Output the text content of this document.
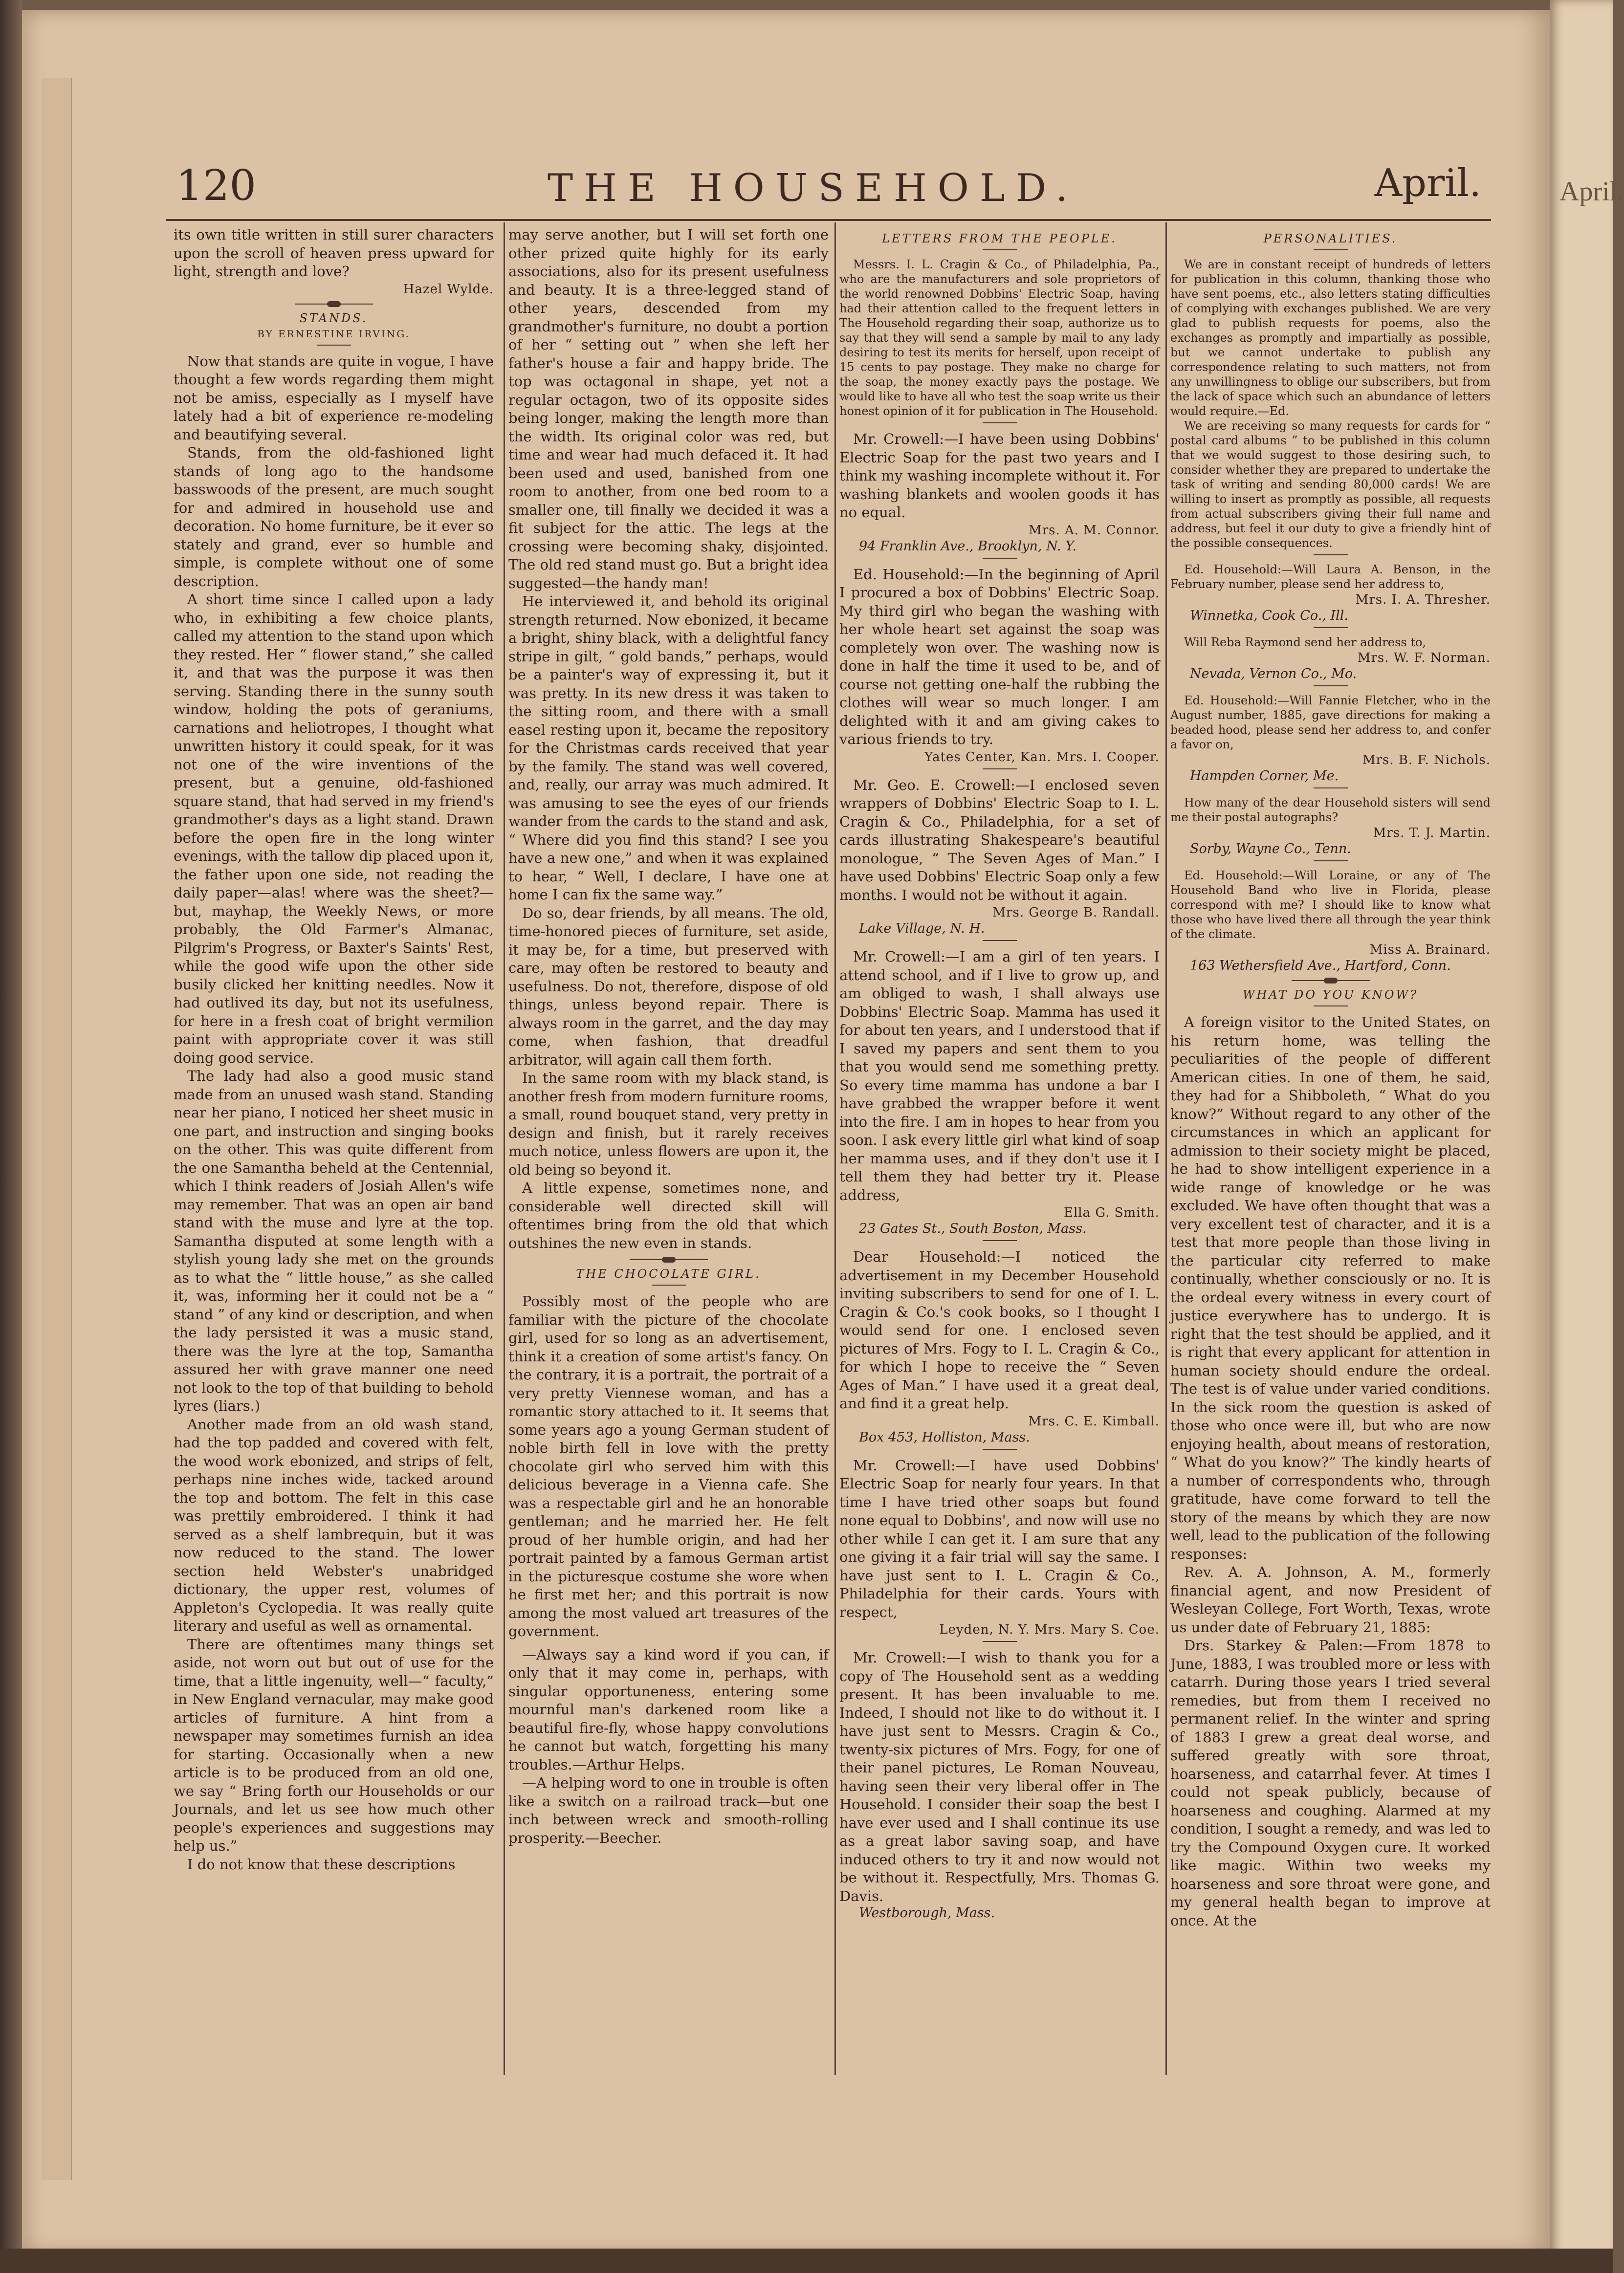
April.
120	THE HOUSEHOLD.	April.

its own title written in still surer characters upon the scroll of heaven press upward for light, strength and love?

Hazel Wylde.
STANDS.
BY ERNESTINE IRVING.

Now that stands are quite in vogue, I have thought a few words regarding them might not be amiss, especially as I myself have lately had a bit of experience re-modeling and beautifying several.

Stands, from the old-fashioned light stands of long ago to the handsome basswoods of the present, are much sought for and admired in household use and decoration. No home furniture, be it ever so stately and grand, ever so humble and simple, is complete without one of some description.

A short time since I called upon a lady who, in exhibiting a few choice plants, called my attention to the stand upon which they rested. Her “ flower stand,” she called it, and that was the purpose it was then serving. Standing there in the sunny south window, holding the pots of geraniums, carnations and heliotropes, I thought what unwritten history it could speak, for it was not one of the wire inventions of the present, but a genuine, old-fashioned square stand, that had served in my friend's grandmother's days as a light stand. Drawn before the open fire in the long winter evenings, with the tallow dip placed upon it, the father upon one side, not reading the daily paper—alas! where was the sheet?—but, mayhap, the Weekly News, or more probably, the Old Farmer's Almanac, Pilgrim's Progress, or Baxter's Saints' Rest, while the good wife upon the other side busily clicked her knitting needles. Now it had outlived its day, but not its usefulness, for here in a fresh coat of bright vermilion paint with appropriate cover it was still doing good service.

The lady had also a good music stand made from an unused wash stand. Standing near her piano, I noticed her sheet music in one part, and instruction and singing books on the other. This was quite different from the one Samantha beheld at the Centennial, which I think readers of Josiah Allen's wife may remember. That was an open air band stand with the muse and lyre at the top. Samantha disputed at some length with a stylish young lady she met on the grounds as to what the “ little house,” as she called it, was, informing her it could not be a “ stand ” of any kind or description, and when the lady persisted it was a music stand, there was the lyre at the top, Samantha assured her with grave manner one need not look to the top of that building to behold lyres (liars.)

Another made from an old wash stand, had the top padded and covered with felt, the wood work ebonized, and strips of felt, perhaps nine inches wide, tacked around the top and bottom. The felt in this case was prettily embroidered. I think it had served as a shelf lambrequin, but it was now reduced to the stand. The lower section held Webster's unabridged dictionary, the upper rest, volumes of Appleton's Cyclopedia. It was really quite literary and useful as well as ornamental.

There are oftentimes many things set aside, not worn out but out of use for the time, that a little ingenuity, well—“ faculty,” in New England vernacular, may make good articles of furniture. A hint from a newspaper may sometimes furnish an idea for starting. Occasionally when a new article is to be produced from an old one, we say “ Bring forth our Households or our Journals, and let us see how much other people's experiences and suggestions may help us.”

I do not know that these descriptions

may serve another, but I will set forth one other prized quite highly for its early associations, also for its present usefulness and beauty. It is a three-legged stand of other years, descended from my grandmother's furniture, no doubt a portion of her “ setting out ” when she left her father's house a fair and happy bride. The top was octagonal in shape, yet not a regular octagon, two of its opposite sides being longer, making the length more than the width. Its original color was red, but time and wear had much defaced it. It had been used and used, banished from one room to another, from one bed room to a smaller one, till finally we decided it was a fit subject for the attic. The legs at the crossing were becoming shaky, disjointed. The old red stand must go. But a bright idea suggested—the handy man!

He interviewed it, and behold its original strength returned. Now ebonized, it became a bright, shiny black, with a delightful fancy stripe in gilt, “ gold bands,” perhaps, would be a painter's way of expressing it, but it was pretty. In its new dress it was taken to the sitting room, and there with a small easel resting upon it, became the repository for the Christmas cards received that year by the family. The stand was well covered, and, really, our array was much admired. It was amusing to see the eyes of our friends wander from the cards to the stand and ask, “ Where did you find this stand? I see you have a new one,” and when it was explained to hear, “ Well, I declare, I have one at home I can fix the same way.”

Do so, dear friends, by all means. The old, time-honored pieces of furniture, set aside, it may be, for a time, but preserved with care, may often be restored to beauty and usefulness. Do not, therefore, dispose of old things, unless beyond repair. There is always room in the garret, and the day may come, when fashion, that dreadful arbitrator, will again call them forth.

In the same room with my black stand, is another fresh from modern furniture rooms, a small, round bouquet stand, very pretty in design and finish, but it rarely receives much notice, unless flowers are upon it, the old being so beyond it.

A little expense, sometimes none, and considerable well directed skill will oftentimes bring from the old that which outshines the new even in stands.

THE CHOCOLATE GIRL.

Possibly most of the people who are familiar with the picture of the chocolate girl, used for so long as an advertisement, think it a creation of some artist's fancy. On the contrary, it is a portrait, the portrait of a very pretty Viennese woman, and has a romantic story attached to it. It seems that some years ago a young German student of noble birth fell in love with the pretty chocolate girl who served him with this delicious beverage in a Vienna cafe. She was a respectable girl and he an honorable gentleman; and he married her. He felt proud of her humble origin, and had her portrait painted by a famous German artist in the picturesque costume she wore when he first met her; and this portrait is now among the most valued art treasures of the government.

—Always say a kind word if you can, if only that it may come in, perhaps, with singular opportuneness, entering some mournful man's darkened room like a beautiful fire-fly, whose happy convolutions he cannot but watch, forgetting his many troubles.—Arthur Helps.

—A helping word to one in trouble is often like a switch on a railroad track—but one inch between wreck and smooth-rolling prosperity.—Beecher.

LETTERS FROM THE PEOPLE.

Messrs. I. L. Cragin & Co., of Philadelphia, Pa., who are the manufacturers and sole proprietors of the world renowned Dobbins' Electric Soap, having had their attention called to the frequent letters in The Household regarding their soap, authorize us to say that they will send a sample by mail to any lady desiring to test its merits for herself, upon receipt of 15 cents to pay postage. They make no charge for the soap, the money exactly pays the postage. We would like to have all who test the soap write us their honest opinion of it for publication in The Household.

Mr. Crowell:—I have been using Dobbins' Electric Soap for the past two years and I think my washing incomplete without it. For washing blankets and woolen goods it has no equal.

Mrs. A. M. Connor.
94 Franklin Ave., Brooklyn, N. Y.

Ed. Household:—In the beginning of April I procured a box of Dobbins' Electric Soap. My third girl who began the washing with her whole heart set against the soap was completely won over. The washing now is done in half the time it used to be, and of course not getting one-half the rubbing the clothes will wear so much longer. I am delighted with it and am giving cakes to various friends to try.

Yates Center, Kan. Mrs. I. Cooper.

Mr. Geo. E. Crowell:—I enclosed seven wrappers of Dobbins' Electric Soap to I. L. Cragin & Co., Philadelphia, for a set of cards illustrating Shakespeare's beautiful monologue, “ The Seven Ages of Man.” I have used Dobbins' Electric Soap only a few months. I would not be without it again.

Mrs. George B. Randall.
Lake Village, N. H.

Mr. Crowell:—I am a girl of ten years. I attend school, and if I live to grow up, and am obliged to wash, I shall always use Dobbins' Electric Soap. Mamma has used it for about ten years, and I understood that if I saved my papers and sent them to you that you would send me something pretty. So every time mamma has undone a bar I have grabbed the wrapper before it went into the fire. I am in hopes to hear from you soon. I ask every little girl what kind of soap her mamma uses, and if they don't use it I tell them they had better try it. Please address,

Ella G. Smith.
23 Gates St., South Boston, Mass.

Dear Household:—I noticed the advertisement in my December Household inviting subscribers to send for one of I. L. Cragin & Co.'s cook books, so I thought I would send for one. I enclosed seven pictures of Mrs. Fogy to I. L. Cragin & Co., for which I hope to receive the “ Seven Ages of Man.” I have used it a great deal, and find it a great help.

Mrs. C. E. Kimball.
Box 453, Holliston, Mass.

Mr. Crowell:—I have used Dobbins' Electric Soap for nearly four years. In that time I have tried other soaps but found none equal to Dobbins', and now will use no other while I can get it. I am sure that any one giving it a fair trial will say the same. I have just sent to I. L. Cragin & Co., Philadelphia for their cards. Yours with respect,

Leyden, N. Y. Mrs. Mary S. Coe.

Mr. Crowell:—I wish to thank you for a copy of The Household sent as a wedding present. It has been invaluable to me. Indeed, I should not like to do without it. I have just sent to Messrs. Cragin & Co., twenty-six pictures of Mrs. Fogy, for one of their panel pictures, Le Roman Nouveau, having seen their very liberal offer in The Household. I consider their soap the best I have ever used and I shall continue its use as a great labor saving soap, and have induced others to try it and now would not be without it. Respectfully, Mrs. Thomas G. Davis.

Westborough, Mass.
PERSONALITIES.

We are in constant receipt of hundreds of letters for publication in this column, thanking those who have sent poems, etc., also letters stating difficulties of complying with exchanges published. We are very glad to publish requests for poems, also the exchanges as promptly and impartially as possible, but we cannot undertake to publish any correspondence relating to such matters, not from any unwillingness to oblige our subscribers, but from the lack of space which such an abundance of letters would require.—Ed.

We are receiving so many requests for cards for “ postal card albums ” to be published in this column that we would suggest to those desiring such, to consider whether they are prepared to undertake the task of writing and sending 80,000 cards! We are willing to insert as promptly as possible, all requests from actual subscribers giving their full name and address, but feel it our duty to give a friendly hint of the possible consequences.

Ed. Household:—Will Laura A. Benson, in the February number, please send her address to,

Mrs. I. A. Thresher.
Winnetka, Cook Co., Ill.

Will Reba Raymond send her address to,

Mrs. W. F. Norman.
Nevada, Vernon Co., Mo.

Ed. Household:—Will Fannie Fletcher, who in the August number, 1885, gave directions for making a beaded hood, please send her address to, and confer a favor on,

Mrs. B. F. Nichols.
Hampden Corner, Me.

How many of the dear Household sisters will send me their postal autographs?

Mrs. T. J. Martin.
Sorby, Wayne Co., Tenn.

Ed. Household:—Will Loraine, or any of The Household Band who live in Florida, please correspond with me? I should like to know what those who have lived there all through the year think of the climate.

Miss A. Brainard.
163 Wethersfield Ave., Hartford, Conn.
WHAT DO YOU KNOW?

A foreign visitor to the United States, on his return home, was telling the peculiarities of the people of different American cities. In one of them, he said, they had for a Shibboleth, “ What do you know?” Without regard to any other of the circumstances in which an applicant for admission to their society might be placed, he had to show intelligent experience in a wide range of knowledge or he was excluded. We have often thought that was a very excellent test of character, and it is a test that more people than those living in the particular city referred to make continually, whether consciously or no. It is the ordeal every witness in every court of justice everywhere has to undergo. It is right that the test should be applied, and it is right that every applicant for attention in human society should endure the ordeal. The test is of value under varied conditions. In the sick room the question is asked of those who once were ill, but who are now enjoying health, about means of restoration, “ What do you know?” The kindly hearts of a number of correspondents who, through gratitude, have come forward to tell the story of the means by which they are now well, lead to the publication of the following responses:

Rev. A. A. Johnson, A. M., formerly financial agent, and now President of Wesleyan College, Fort Worth, Texas, wrote us under date of February 21, 1885:

Drs. Starkey & Palen:—From 1878 to June, 1883, I was troubled more or less with catarrh. During those years I tried several remedies, but from them I received no permanent relief. In the winter and spring of 1883 I grew a great deal worse, and suffered greatly with sore throat, hoarseness, and catarrhal fever. At times I could not speak publicly, because of hoarseness and coughing. Alarmed at my condition, I sought a remedy, and was led to try the Compound Oxygen cure. It worked like magic. Within two weeks my hoarseness and sore throat were gone, and my general health began to improve at once. At the
